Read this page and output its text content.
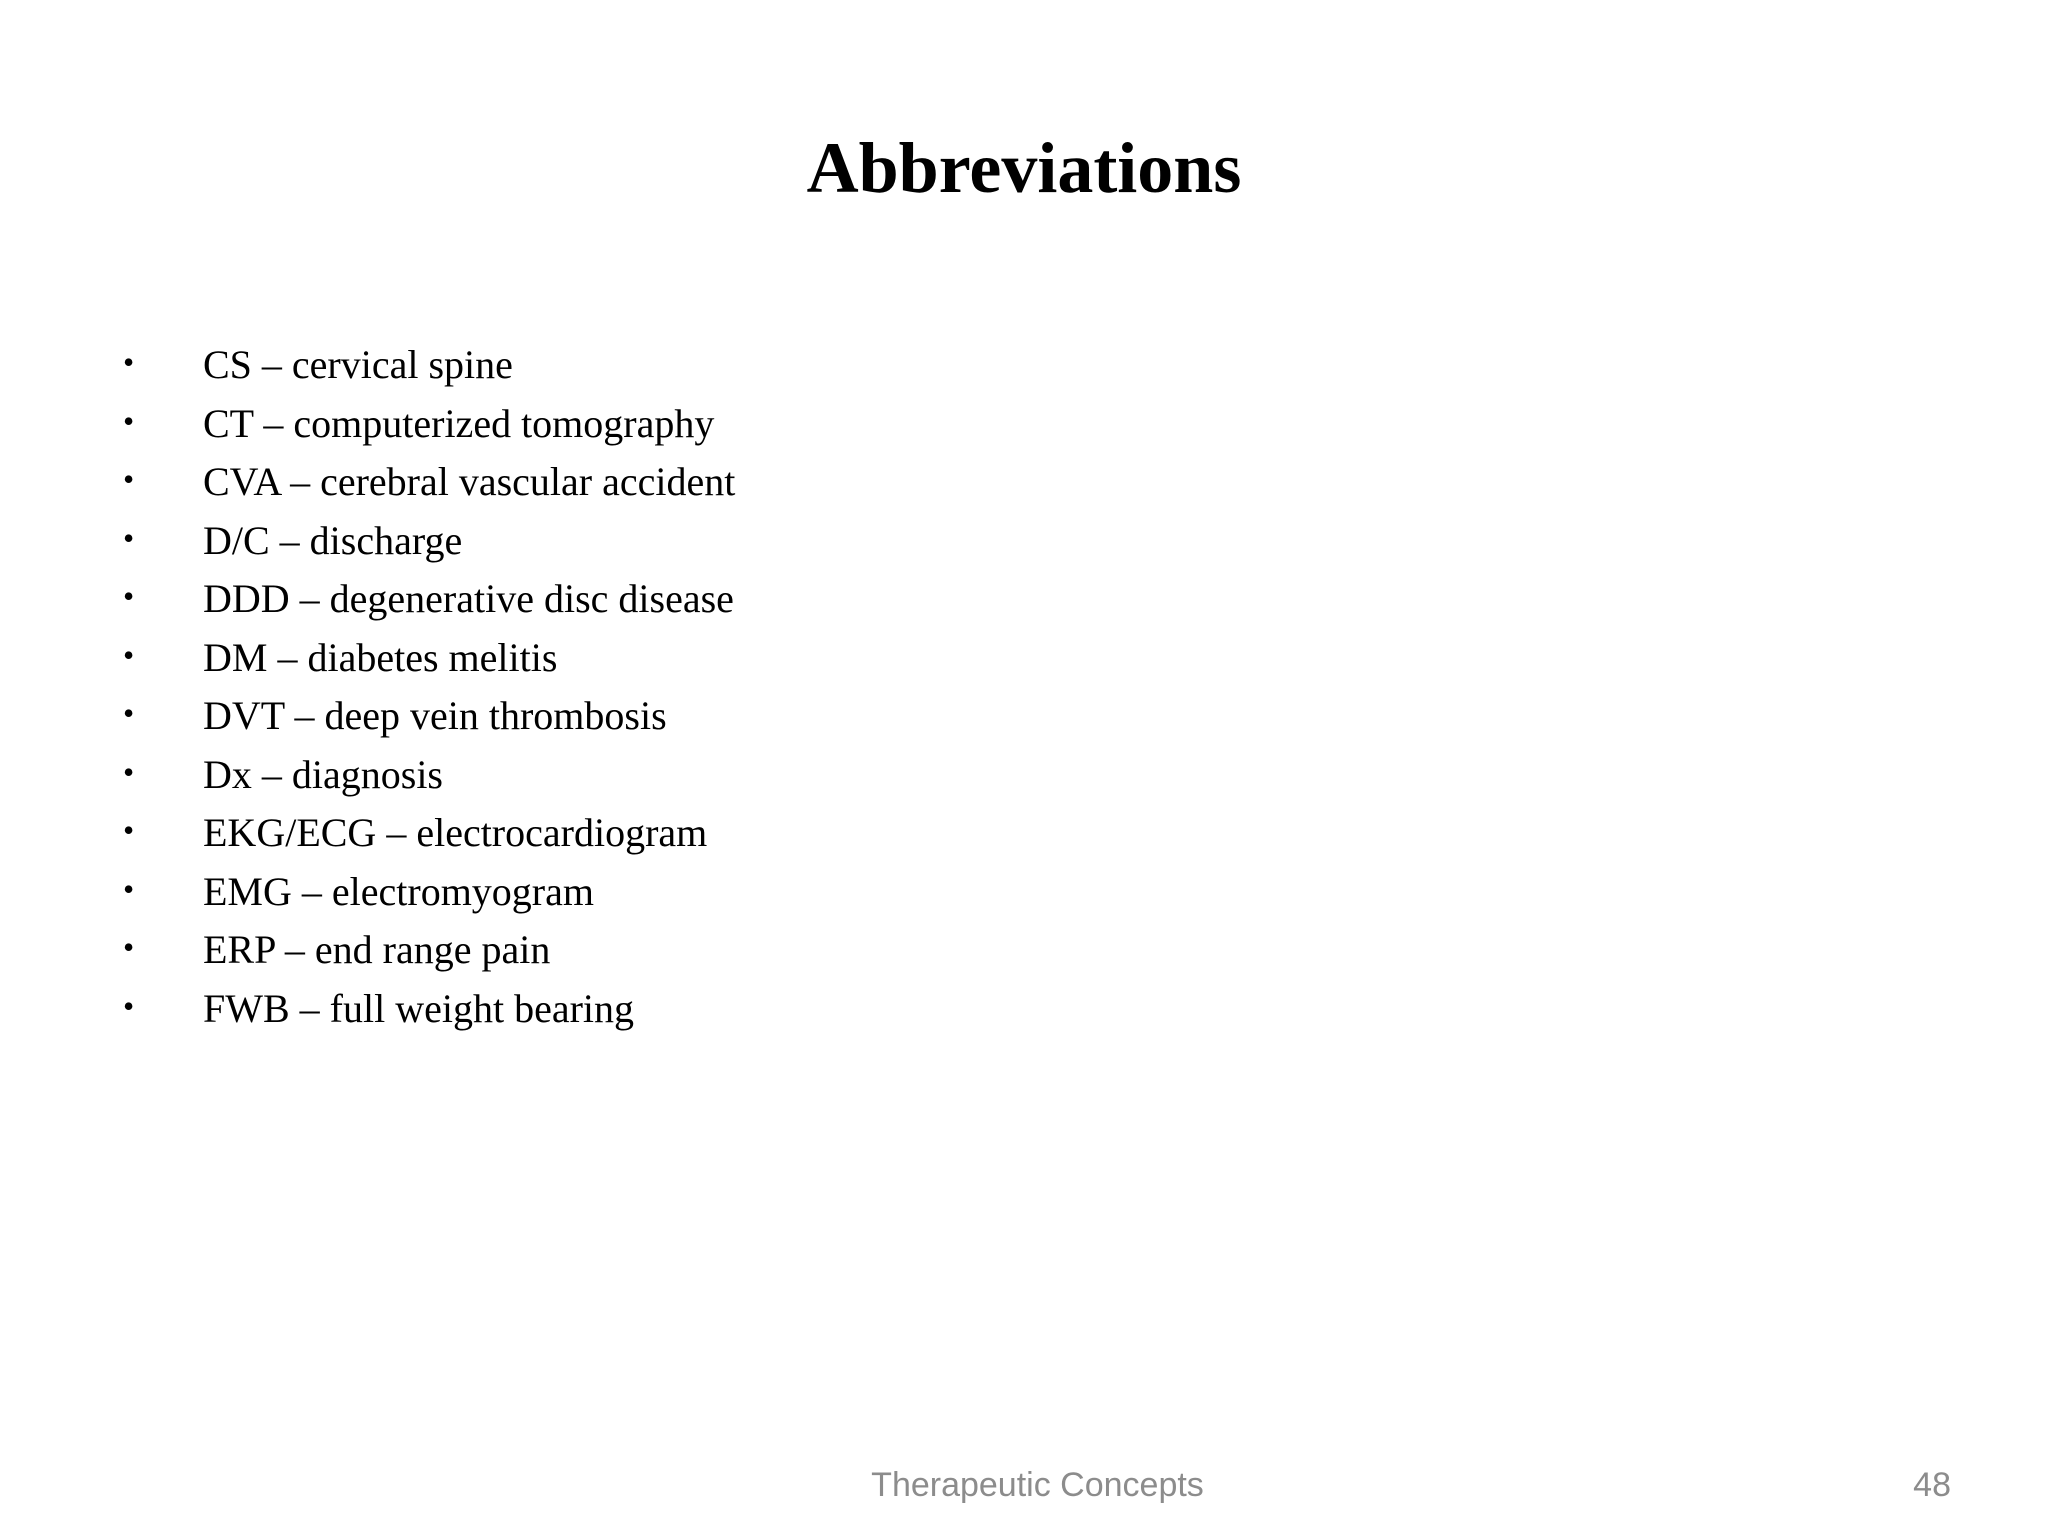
Abbreviations
• CS – cervical spine
• CT – computerized tomography
• CVA – cerebral vascular accident
• D/C – discharge
• DDD – degenerative disc disease
• DM – diabetes melitis
• DVT – deep vein thrombosis
• Dx – diagnosis
• EKG/ECG – electrocardiogram
• EMG – electromyogram
• ERP – end range pain
• FWB – full weight bearing
Therapeutic Concepts	48
